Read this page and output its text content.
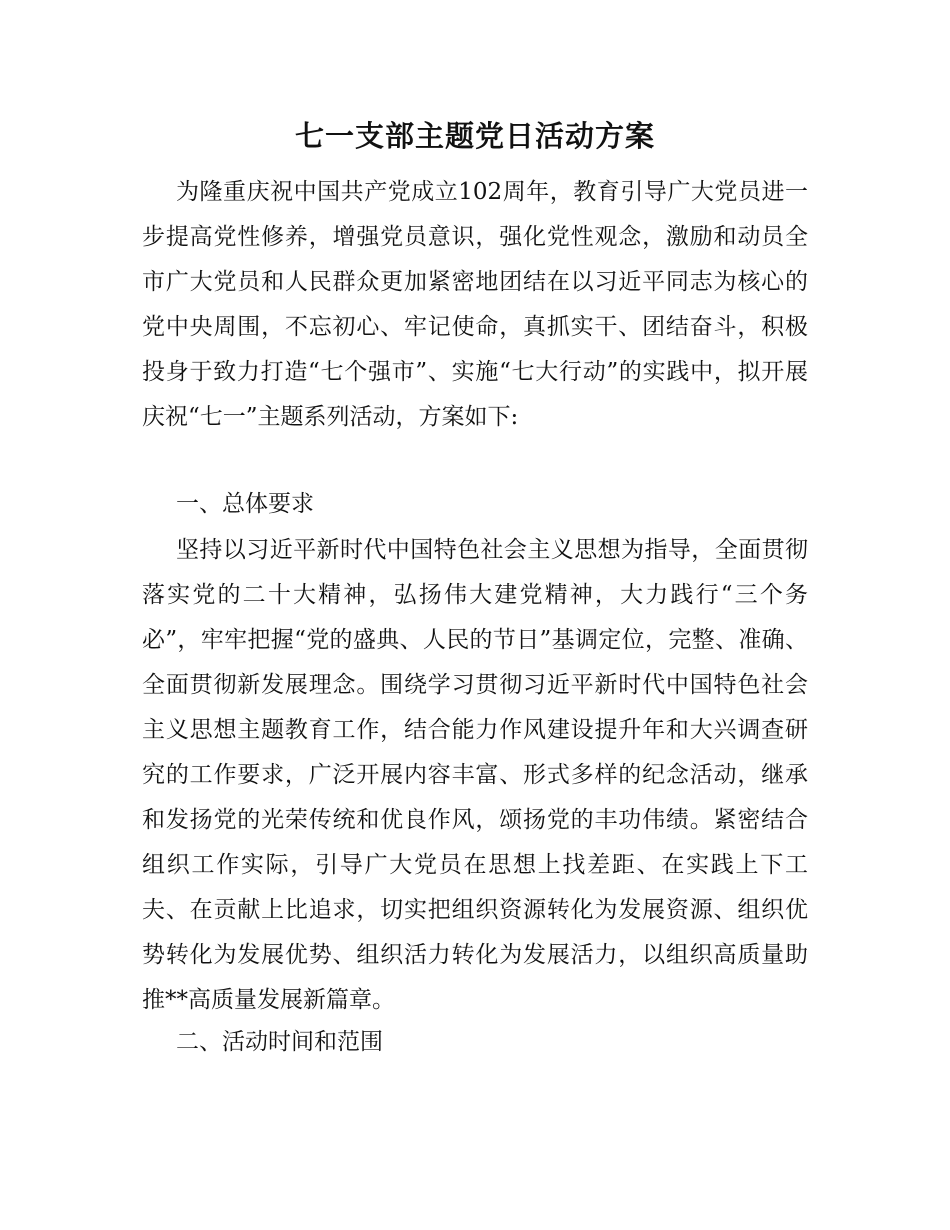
七一支部主题党日活动方案

为隆重庆祝中国共产党成立102周年，教育引导广大党员进一步提高党性修养，增强党员意识，强化党性观念，激励和动员全市广大党员和人民群众更加紧密地团结在以习近平同志为核心的党中央周围，不忘初心、牢记使命，真抓实干、团结奋斗，积极投身于致力打造“七个强市”、实施“七大行动”的实践中，拟开展庆祝“七一”主题系列活动，方案如下:

一、总体要求

坚持以习近平新时代中国特色社会主义思想为指导，全面贯彻落实党的二十大精神，弘扬伟大建党精神，大力践行“三个务必”，牢牢把握“党的盛典、人民的节日”基调定位，完整、准确、全面贯彻新发展理念。围绕学习贯彻习近平新时代中国特色社会主义思想主题教育工作，结合能力作风建设提升年和大兴调查研究的工作要求，广泛开展内容丰富、形式多样的纪念活动，继承和发扬党的光荣传统和优良作风，颂扬党的丰功伟绩。紧密结合组织工作实际，引导广大党员在思想上找差距、在实践上下工夫、在贡献上比追求，切实把组织资源转化为发展资源、组织优势转化为发展优势、组织活力转化为发展活力，以组织高质量助推**高质量发展新篇章。

二、活动时间和范围
